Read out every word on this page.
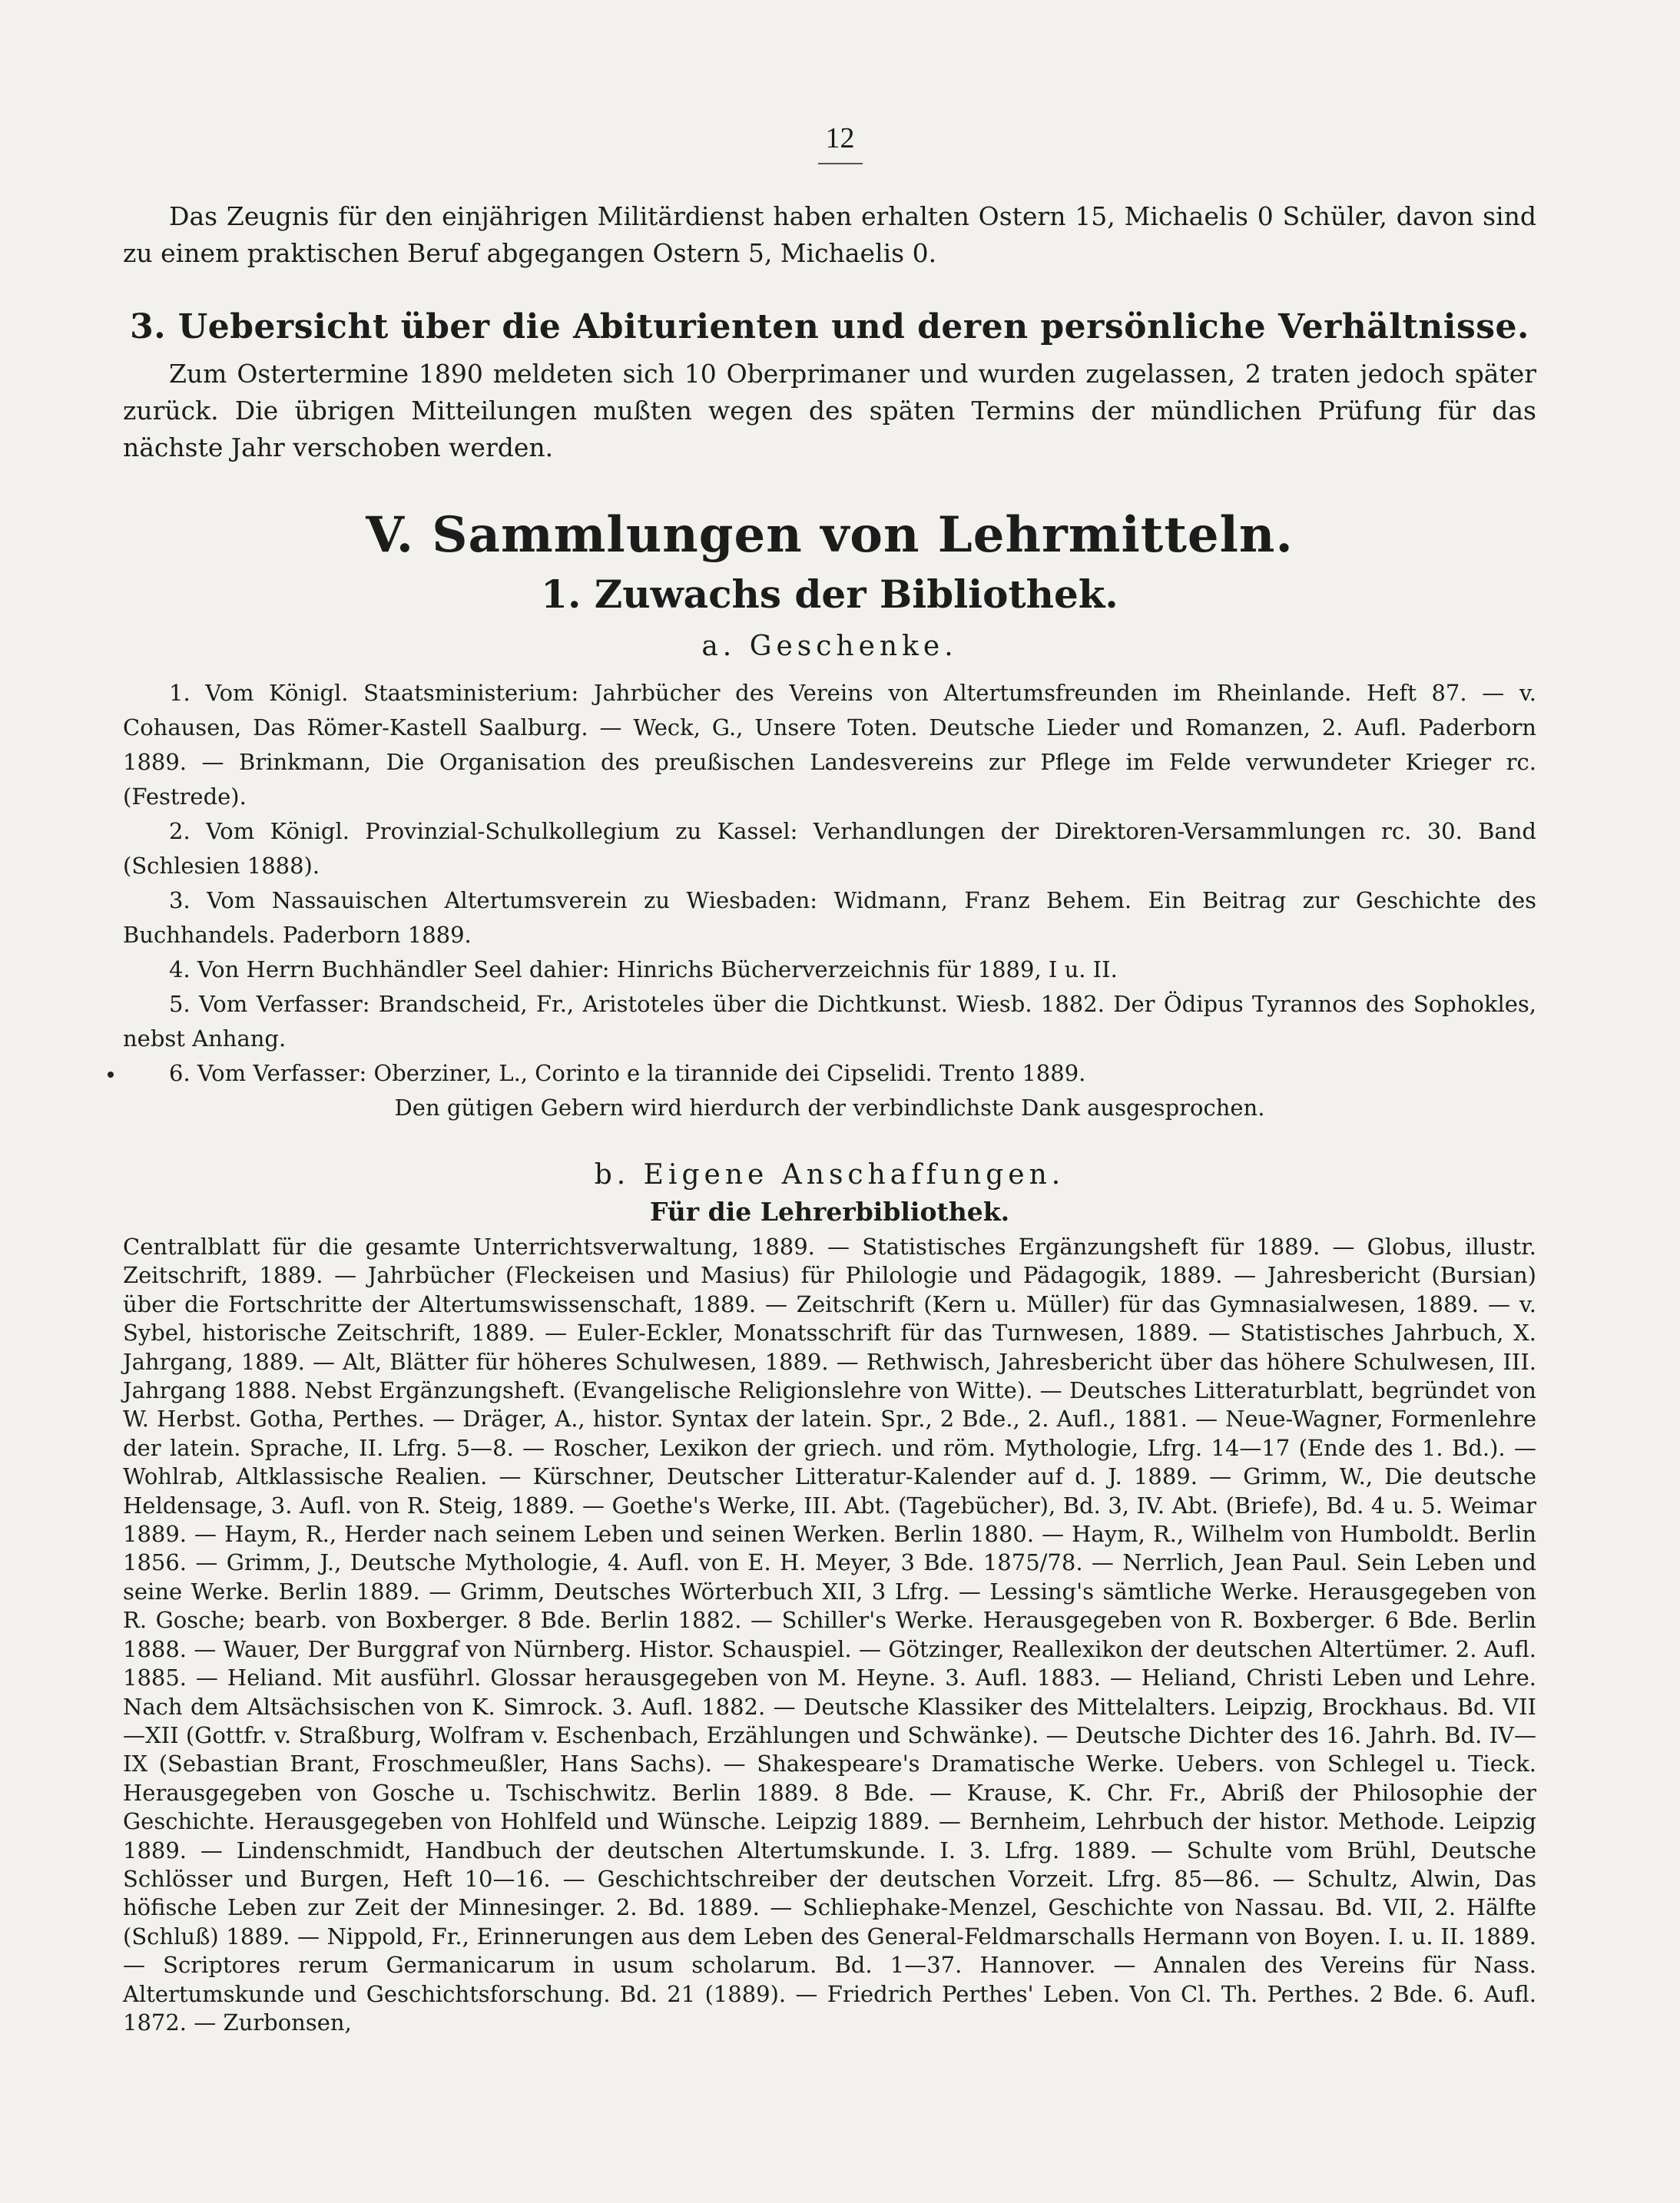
12

Das Zeugnis für den einjährigen Militärdienst haben erhalten Ostern 15, Michaelis 0 Schüler, davon sind zu einem praktischen Beruf abgegangen Ostern 5, Michaelis 0.

3. Uebersicht über die Abiturienten und deren persönliche Verhältnisse.

Zum Ostertermine 1890 meldeten sich 10 Oberprimaner und wurden zugelassen, 2 traten jedoch später zurück. Die übrigen Mitteilungen mußten wegen des späten Termins der mündlichen Prüfung für das nächste Jahr verschoben werden.

V. Sammlungen von Lehrmitteln.
1. Zuwachs der Bibliothek.
a. Geschenke.

1. Vom Königl. Staatsministerium: Jahrbücher des Vereins von Altertumsfreunden im Rheinlande. Heft 87. — v. Cohausen, Das Römer-Kastell Saalburg. — Weck, G., Unsere Toten. Deutsche Lieder und Romanzen, 2. Aufl. Paderborn 1889. — Brinkmann, Die Organisation des preußischen Landesvereins zur Pflege im Felde verwundeter Krieger rc. (Festrede).

2. Vom Königl. Provinzial-Schulkollegium zu Kassel: Verhandlungen der Direktoren-Versammlungen rc. 30. Band (Schlesien 1888).

3. Vom Nassauischen Altertumsverein zu Wiesbaden: Widmann, Franz Behem. Ein Beitrag zur Geschichte des Buchhandels. Paderborn 1889.

4. Von Herrn Buchhändler Seel dahier: Hinrichs Bücherverzeichnis für 1889, I u. II.

5. Vom Verfasser: Brandscheid, Fr., Aristoteles über die Dichtkunst. Wiesb. 1882. Der Ödipus Tyrannos des Sophokles, nebst Anhang.

6. Vom Verfasser: Oberziner, L., Corinto e la tirannide dei Cipselidi. Trento 1889.

Den gütigen Gebern wird hierdurch der verbindlichste Dank ausgesprochen.

b. Eigene Anschaffungen.
Für die Lehrerbibliothek.

Centralblatt für die gesamte Unterrichtsverwaltung, 1889. — Statistisches Ergänzungsheft für 1889. — Globus, illustr. Zeitschrift, 1889. — Jahrbücher (Fleckeisen und Masius) für Philologie und Pädagogik, 1889. — Jahresbericht (Bursian) über die Fortschritte der Altertumswissenschaft, 1889. — Zeitschrift (Kern u. Müller) für das Gymnasialwesen, 1889. — v. Sybel, historische Zeitschrift, 1889. — Euler-Eckler, Monatsschrift für das Turnwesen, 1889. — Statistisches Jahrbuch, X. Jahrgang, 1889. — Alt, Blätter für höheres Schulwesen, 1889. — Rethwisch, Jahresbericht über das höhere Schulwesen, III. Jahrgang 1888. Nebst Ergänzungsheft. (Evangelische Religionslehre von Witte). — Deutsches Litteraturblatt, begründet von W. Herbst. Gotha, Perthes. — Dräger, A., histor. Syntax der latein. Spr., 2 Bde., 2. Aufl., 1881. — Neue-Wagner, Formenlehre der latein. Sprache, II. Lfrg. 5—8. — Roscher, Lexikon der griech. und röm. Mythologie, Lfrg. 14—17 (Ende des 1. Bd.). — Wohlrab, Altklassische Realien. — Kürschner, Deutscher Litteratur-Kalender auf d. J. 1889. — Grimm, W., Die deutsche Heldensage, 3. Aufl. von R. Steig, 1889. — Goethe's Werke, III. Abt. (Tagebücher), Bd. 3, IV. Abt. (Briefe), Bd. 4 u. 5. Weimar 1889. — Haym, R., Herder nach seinem Leben und seinen Werken. Berlin 1880. — Haym, R., Wilhelm von Humboldt. Berlin 1856. — Grimm, J., Deutsche Mythologie, 4. Aufl. von E. H. Meyer, 3 Bde. 1875/78. — Nerrlich, Jean Paul. Sein Leben und seine Werke. Berlin 1889. — Grimm, Deutsches Wörterbuch XII, 3 Lfrg. — Lessing's sämtliche Werke. Herausgegeben von R. Gosche; bearb. von Boxberger. 8 Bde. Berlin 1882. — Schiller's Werke. Herausgegeben von R. Boxberger. 6 Bde. Berlin 1888. — Wauer, Der Burggraf von Nürnberg. Histor. Schauspiel. — Götzinger, Reallexikon der deutschen Altertümer. 2. Aufl. 1885. — Heliand. Mit ausführl. Glossar herausgegeben von M. Heyne. 3. Aufl. 1883. — Heliand, Christi Leben und Lehre. Nach dem Altsächsischen von K. Simrock. 3. Aufl. 1882. — Deutsche Klassiker des Mittelalters. Leipzig, Brockhaus. Bd. VII—XII (Gottfr. v. Straßburg, Wolfram v. Eschenbach, Erzählungen und Schwänke). — Deutsche Dichter des 16. Jahrh. Bd. IV—IX (Sebastian Brant, Froschmeußler, Hans Sachs). — Shakespeare's Dramatische Werke. Uebers. von Schlegel u. Tieck. Herausgegeben von Gosche u. Tschischwitz. Berlin 1889. 8 Bde. — Krause, K. Chr. Fr., Abriß der Philosophie der Geschichte. Herausgegeben von Hohlfeld und Wünsche. Leipzig 1889. — Bernheim, Lehrbuch der histor. Methode. Leipzig 1889. — Lindenschmidt, Handbuch der deutschen Altertumskunde. I. 3. Lfrg. 1889. — Schulte vom Brühl, Deutsche Schlösser und Burgen, Heft 10—16. — Geschichtschreiber der deutschen Vorzeit. Lfrg. 85—86. — Schultz, Alwin, Das höfische Leben zur Zeit der Minnesinger. 2. Bd. 1889. — Schliephake-Menzel, Geschichte von Nassau. Bd. VII, 2. Hälfte (Schluß) 1889. — Nippold, Fr., Erinnerungen aus dem Leben des General-Feldmarschalls Hermann von Boyen. I. u. II. 1889. — Scriptores rerum Germanicarum in usum scholarum. Bd. 1—37. Hannover. — Annalen des Vereins für Nass. Altertumskunde und Geschichtsforschung. Bd. 21 (1889). — Friedrich Perthes' Leben. Von Cl. Th. Perthes. 2 Bde. 6. Aufl. 1872. — Zurbonsen,
